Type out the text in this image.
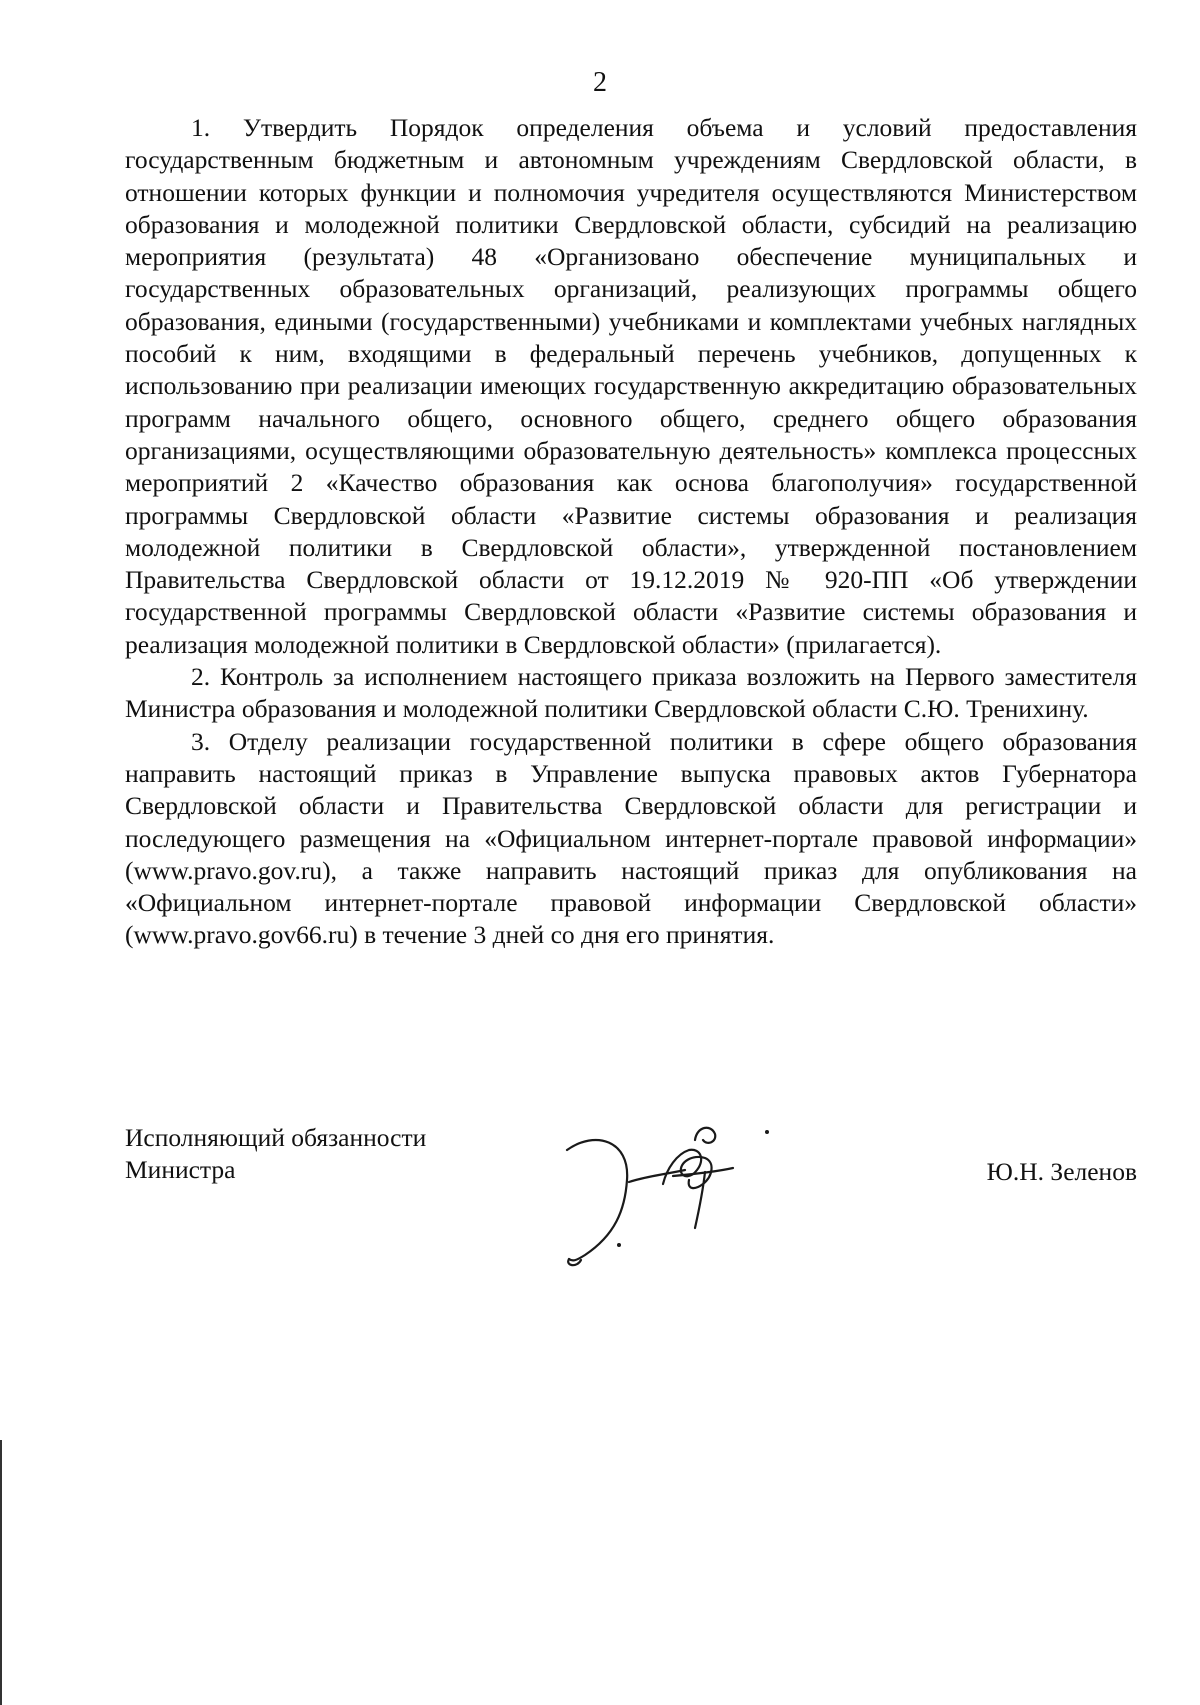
2

1. Утвердить Порядок определения объема и условий предоставления государственным бюджетным и автономным учреждениям Свердловской области, в отношении которых функции и полномочия учредителя осуществляются Министерством образования и молодежной политики Свердловской области, субсидий на реализацию мероприятия (результата) 48 «Организовано обеспечение муниципальных и государственных образовательных организаций, реализующих программы общего образования, едиными (государственными) учебниками и комплектами учебных наглядных пособий к ним, входящими в федеральный перечень учебников, допущенных к использованию при реализации имеющих государственную аккредитацию образовательных программ начального общего, основного общего, среднего общего образования организациями, осуществляющими образовательную деятельность» комплекса процессных мероприятий 2 «Качество образования как основа благополучия» государственной программы Свердловской области «Развитие системы образования и реализация молодежной политики в Свердловской области», утвержденной постановлением Правительства Свердловской области от 19.12.2019 № 920-ПП «Об утверждении государственной программы Свердловской области «Развитие системы образования и реализация молодежной политики в Свердловской области» (прилагается).

2. Контроль за исполнением настоящего приказа возложить на Первого заместителя Министра образования и молодежной политики Свердловской области С.Ю. Тренихину.

3. Отделу реализации государственной политики в сфере общего образования направить настоящий приказ в Управление выпуска правовых актов Губернатора Свердловской области и Правительства Свердловской области для регистрации и последующего размещения на «Официальном интернет-портале правовой информации» (www.pravo.gov.ru), а также направить настоящий приказ для опубликования на «Официальном интернет-портале правовой информации Свердловской области» (www.pravo.gov66.ru) в течение 3 дней со дня его принятия.

Исполняющий обязанности
Министра	Ю.Н. Зеленов
